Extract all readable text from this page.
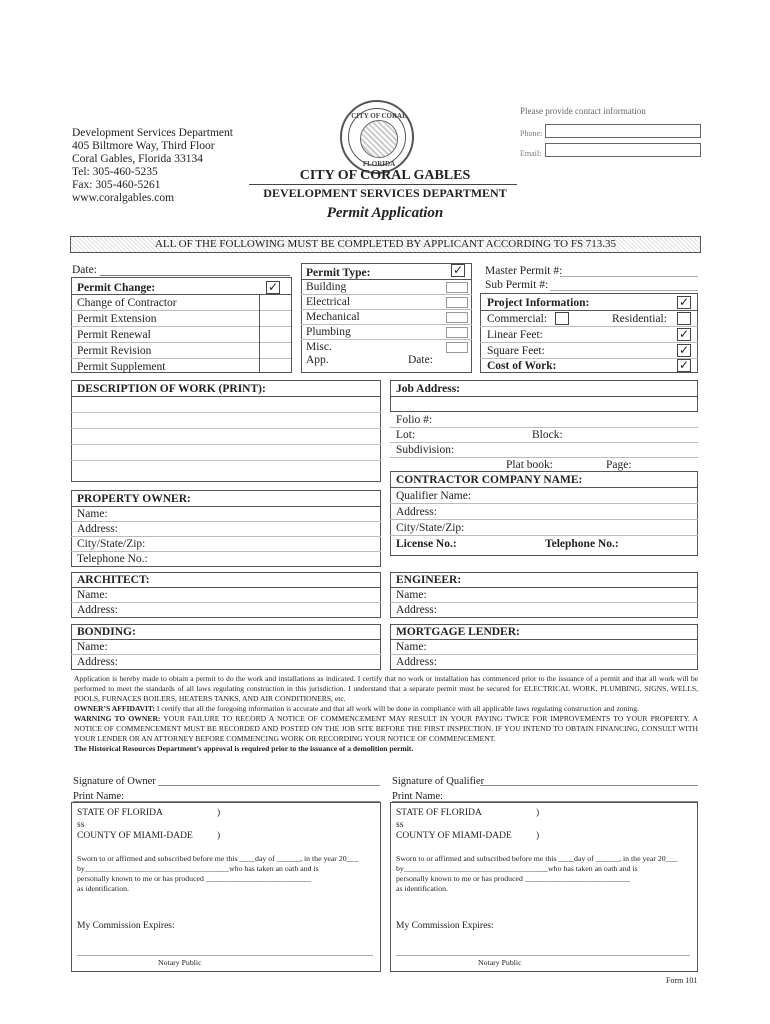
Development Services Department
405 Biltmore Way, Third Floor
Coral Gables, Florida 33134
Tel: 305-460-5235
Fax: 305-460-5261
www.coralgables.com
CITY OF CORAL
FLORIDA
Please provide contact information
Phone:
Email:
CITY OF CORAL GABLES
DEVELOPMENT SERVICES DEPARTMENT
Permit Application
ALL OF THE FOLLOWING MUST BE COMPLETED BY APPLICANT ACCORDING TO FS 713.35
Date:
Permit Change:	✓
Change of Contractor
Permit Extension
Permit Renewal
Permit Revision
Permit Supplement
Permit Type:	✓
Building
Electrical
Mechanical
Plumbing
Misc.
App.	Date:
Master Permit #:
Sub Permit #:
Project Information:	✓
Commercial:	Residential:
Linear Feet:	✓
Square Feet:	✓
Cost of Work:	✓
DESCRIPTION OF WORK (PRINT):	Job Address:
Folio #:
Lot:	Block:
Subdivision:
Plat book:	Page:
CONTRACTOR COMPANY NAME:
Qualifier Name:
Address:
City/State/Zip:
License No.:	Telephone No.:
PROPERTY OWNER:
Name:
Address:
City/State/Zip:
Telephone No.:
ARCHITECT:
Name:
Address:
ENGINEER:
Name:
Address:
BONDING:
Name:
Address:
MORTGAGE LENDER:
Name:
Address:
Application is hereby made to obtain a permit to do the work and installations as indicated. I certify that no work or installation has commenced prior to the issuance of a permit and that all work will be performed to meet the standards of all laws regulating construction in this jurisdiction. I understand that a separate permit must be secured for ELECTRICAL WORK, PLUMBING, SIGNS, WELLS, POOLS, FURNACES BOILERS, HEATERS TANKS, AND AIR CONDITIONERS, etc.
OWNER’S AFFIDAVIT: I certify that all the foregoing information is accurate and that all work will be done in compliance with all applicable laws regulating construction and zoning.
WARNING TO OWNER: YOUR FAILURE TO RECORD A NOTICE OF COMMENCEMENT MAY RESULT IN YOUR PAYING TWICE FOR IMPROVEMENTS TO YOUR PROPERTY. A NOTICE OF COMMENCEMENT MUST BE RECORDED AND POSTED ON THE JOB SITE BEFORE THE FIRST INSPECTION. IF YOU INTEND TO OBTAIN FINANCING, CONSULT WITH YOUR LENDER OR AN ATTORNEY BEFORE COMMENCING WORK OR RECORDING YOUR NOTICE OF COMMENCEMENT.
The Historical Resources Department’s approval is required prior to the issuance of a demolition permit.
Signature of Owner
Print Name:
Signature of Qualifier
Print Name:
STATE OF FLORIDA	)
ss
COUNTY OF MIAMI-DADE	)
Sworn to or affirmed and subscribed before me this ____day of ______, in the year 20___
by_____________________________________who has taken an oath and is
personally known to me or has produced ___________________________
as identification.
My Commission Expires:
Notary Public
STATE OF FLORIDA	)
ss
COUNTY OF MIAMI-DADE	)
Sworn to or affirmed and subscribed before me this ____day of ______, in the year 20___
by_____________________________________who has taken an oath and is
personally known to me or has produced ___________________________
as identification.
My Commission Expires:
Notary Public
Form 101
